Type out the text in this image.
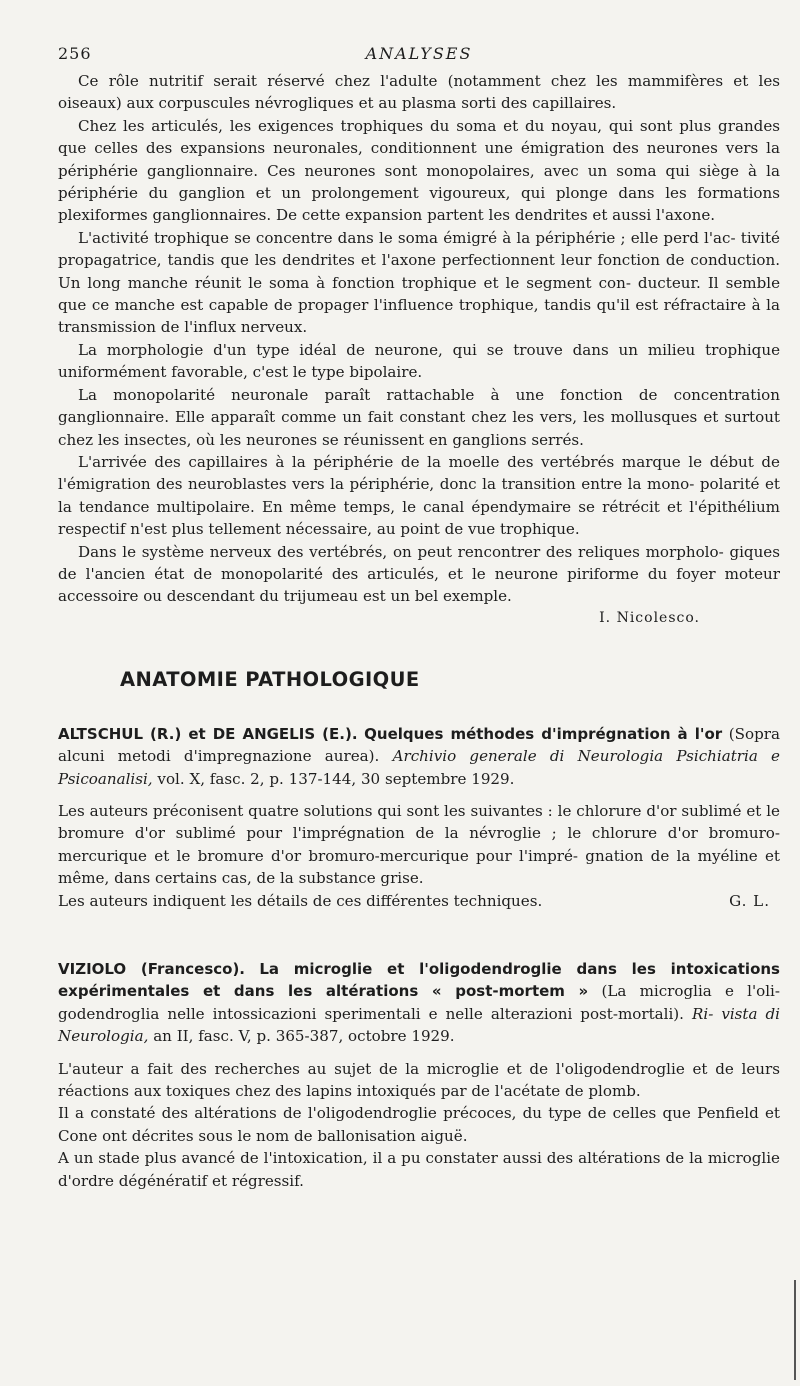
256	ANALYSES

Ce rôle nutritif serait réservé chez l'adulte (notamment chez les mammifères et les oiseaux) aux corpuscules névrogliques et au plasma sorti des capillaires.

Chez les articulés, les exigences trophiques du soma et du noyau, qui sont plus grandes que celles des expansions neuronales, conditionnent une émigration des neurones vers la périphérie ganglionnaire. Ces neurones sont monopolaires, avec un soma qui siège à la périphérie du ganglion et un prolongement vigoureux, qui plonge dans les formations plexiformes ganglionnaires. De cette expansion partent les dendrites et aussi l'axone.

L'activité trophique se concentre dans le soma émigré à la périphérie ; elle perd l'ac- tivité propagatrice, tandis que les dendrites et l'axone perfectionnent leur fonction de conduction. Un long manche réunit le soma à fonction trophique et le segment con- ducteur. Il semble que ce manche est capable de propager l'influence trophique, tandis qu'il est réfractaire à la transmission de l'influx nerveux.

La morphologie d'un type idéal de neurone, qui se trouve dans un milieu trophique uniformément favorable, c'est le type bipolaire.

La monopolarité neuronale paraît rattachable à une fonction de concentration ganglionnaire. Elle apparaît comme un fait constant chez les vers, les mollusques et surtout chez les insectes, où les neurones se réunissent en ganglions serrés.

L'arrivée des capillaires à la périphérie de la moelle des vertébrés marque le début de l'émigration des neuroblastes vers la périphérie, donc la transition entre la mono- polarité et la tendance multipolaire. En même temps, le canal épendymaire se rétrécit et l'épithélium respectif n'est plus tellement nécessaire, au point de vue trophique.

Dans le système nerveux des vertébrés, on peut rencontrer des reliques morpholo- giques de l'ancien état de monopolarité des articulés, et le neurone piriforme du foyer moteur accessoire ou descendant du trijumeau est un bel exemple.

I. Nicolesco.
ANATOMIE PATHOLOGIQUE

ALTSCHUL (R.) et DE ANGELIS (E.). Quelques méthodes d'imprégnation à l'or (Sopra alcuni metodi d'impregnazione aurea). Archivio generale di Neurologia Psichiatria e Psicoanalisi, vol. X, fasc. 2, p. 137-144, 30 septembre 1929.

Les auteurs préconisent quatre solutions qui sont les suivantes : le chlorure d'or sublimé et le bromure d'or sublimé pour l'imprégnation de la névroglie ; le chlorure d'or bromuro-mercurique et le bromure d'or bromuro-mercurique pour l'impré- gnation de la myéline et même, dans certains cas, de la substance grise.

Les auteurs indiquent les détails de ces différentes techniques.	G. L.

VIZIOLO (Francesco). La microglie et l'oligodendroglie dans les intoxications expérimentales et dans les altérations « post-mortem » (La microglia e l'oli- godendroglia nelle intossicazioni sperimentali e nelle alterazioni post-mortali). Ri- vista di Neurologia, an II, fasc. V, p. 365-387, octobre 1929.

L'auteur a fait des recherches au sujet de la microglie et de l'oligodendroglie et de leurs réactions aux toxiques chez des lapins intoxiqués par de l'acétate de plomb.

Il a constaté des altérations de l'oligodendroglie précoces, du type de celles que Penfield et Cone ont décrites sous le nom de ballonisation aiguë.

A un stade plus avancé de l'intoxication, il a pu constater aussi des altérations de la microglie d'ordre dégénératif et régressif.
